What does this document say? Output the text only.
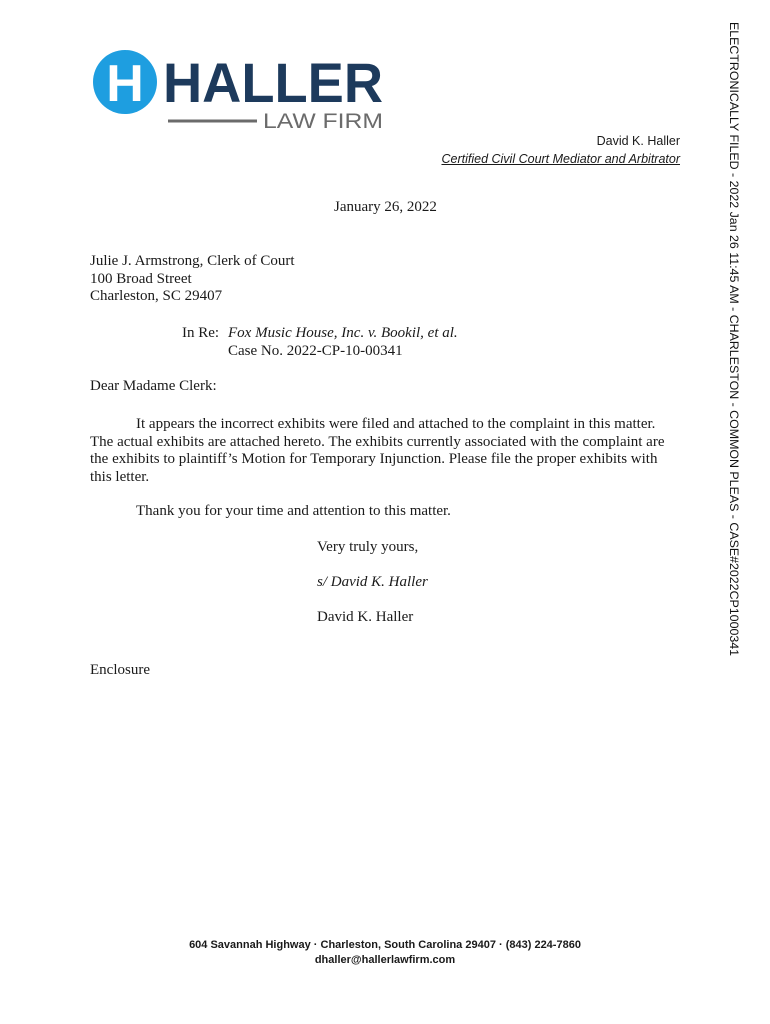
H HALLER
LAW FIRM
David K. Haller
Certified Civil Court Mediator and Arbitrator
January 26, 2022
Julie J. Armstrong, Clerk of Court
100 Broad Street
Charleston, SC 29407
In Re: Fox Music House, Inc. v. Bookil, et al.
Case No. 2022-CP-10-00341
Dear Madame Clerk:

It appears the incorrect exhibits were filed and attached to the complaint in this matter. The actual exhibits are attached hereto. The exhibits currently associated with the complaint are the exhibits to plaintiff’s Motion for Temporary Injunction. Please file the proper exhibits with this letter.

Thank you for your time and attention to this matter.
Very truly yours,
s/ David K. Haller
David K. Haller
Enclosure
604 Savannah Highway · Charleston, South Carolina 29407 · (843) 224-7860
dhaller@hallerlawfirm.com
ELECTRONICALLY FILED - 2022 Jan 26 11:45 AM - CHARLESTON - COMMON PLEAS - CASE#2022CP1000341
